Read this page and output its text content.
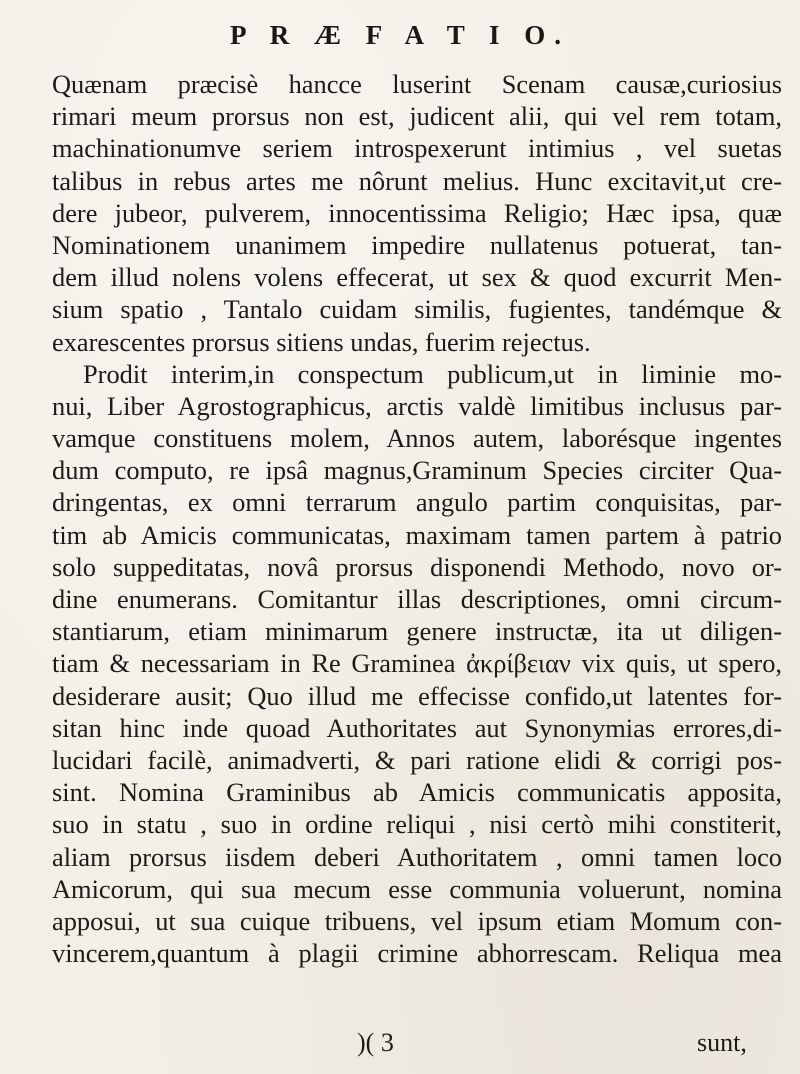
P R Æ F A T I O.
Quænam præcisè hancce luserint Scenam causæ,curiosius
rimari meum prorsus non est, judicent alii, qui vel rem totam,
machinationumve seriem introspexerunt intimius , vel suetas
talibus in rebus artes me nôrunt melius. Hunc excitavit,ut cre-
dere jubeor, pulverem, innocentissima Religio; Hæc ipsa, quæ
Nominationem unanimem impedire nullatenus potuerat, tan-
dem illud nolens volens effecerat, ut sex & quod excurrit Men-
sium spatio , Tantalo cuidam similis, fugientes, tandémque &
exarescentes prorsus sitiens undas, fuerim rejectus.
Prodit interim,in conspectum publicum,ut in liminie mo-
nui, Liber Agrostographicus, arctis valdè limitibus inclusus par-
vamque constituens molem, Annos autem, laborésque ingentes
dum computo, re ipsâ magnus,Graminum Species circiter Qua-
dringentas, ex omni terrarum angulo partim conquisitas, par-
tim ab Amicis communicatas, maximam tamen partem à patrio
solo suppeditatas, novâ prorsus disponendi Methodo, novo or-
dine enumerans. Comitantur illas descriptiones, omni circum-
stantiarum, etiam minimarum genere instructæ, ita ut diligen-
tiam & necessariam in Re Graminea ἀκρίβειαν vix quis, ut spero,
desiderare ausit; Quo illud me effecisse confido,ut latentes for-
sitan hinc inde quoad Authoritates aut Synonymias errores,di-
lucidari facilè, animadverti, & pari ratione elidi & corrigi pos-
sint. Nomina Graminibus ab Amicis communicatis apposita,
suo in statu , suo in ordine reliqui , nisi certò mihi constiterit,
aliam prorsus iisdem deberi Authoritatem , omni tamen loco
Amicorum, qui sua mecum esse communia voluerunt, nomina
apposui, ut sua cuique tribuens, vel ipsum etiam Momum con-
vincerem,quantum à plagii crimine abhorrescam. Reliqua mea
)( 3	sunt,
